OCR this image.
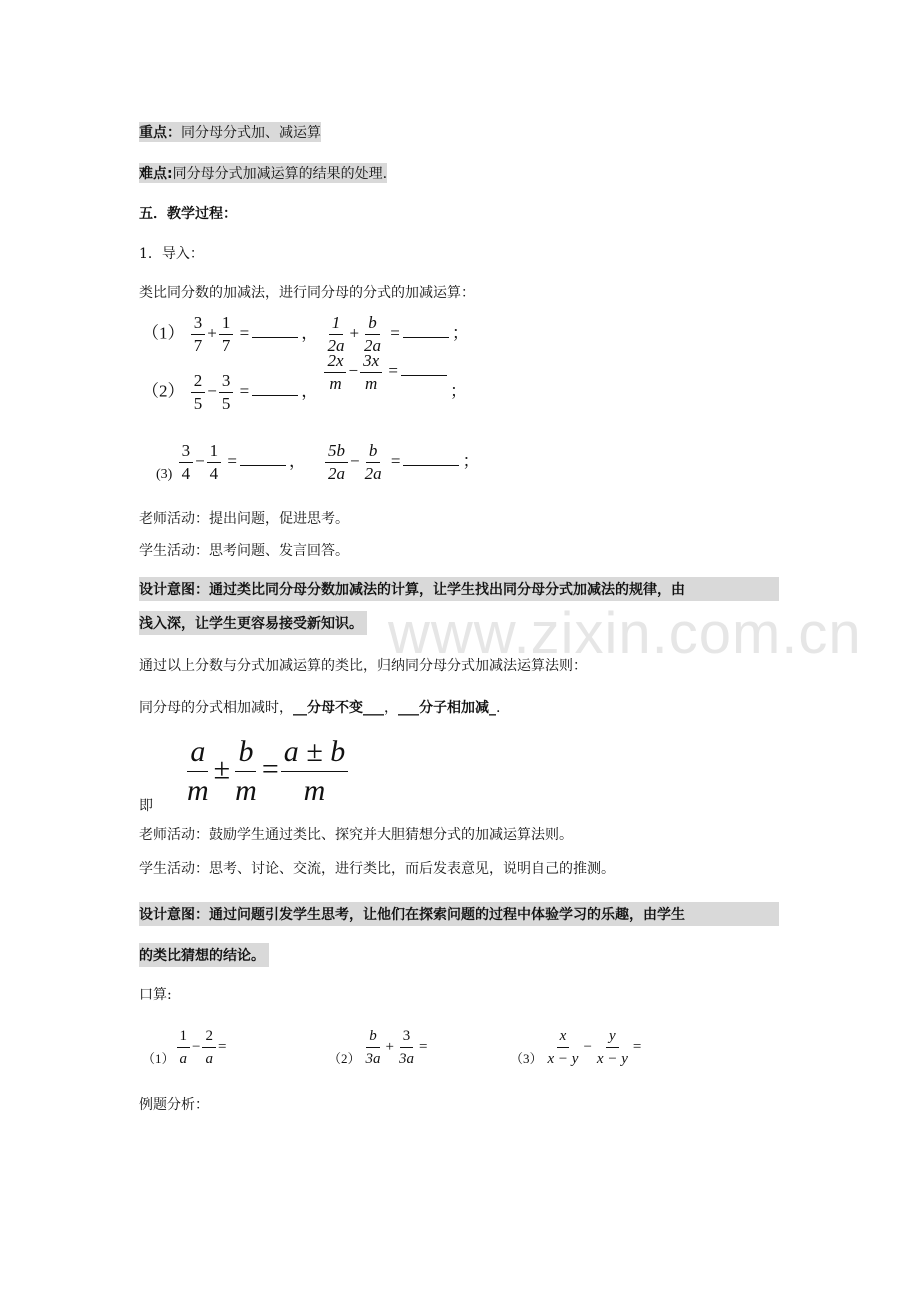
www.zixin.com.cn
重点：同分母分式加、减运算
难点:同分母分式加减运算的结果的处理.
五．教学过程：
1．导入：
类比同分数的加减法，进行同分母的分式的加减运算：
$(1) \frac{3}{7} + \frac{1}{7}$ =	， $\frac{1}{2a} + \frac{b}{2a}$ =	；
$(2) \frac{2}{5} - \frac{3}{5}$ =	， $\frac{2x}{m} - \frac{3x}{m}$ =；
$_{(3)} \frac{3}{4} - \frac{1}{4}$ =	， $\frac{5b}{2a} - \frac{b}{2a}$ =	；
老师活动：提出问题，促进思考。
学生活动：思考问题、发言回答。
设计意图：通过类比同分母分数加减法的计算，让学生找出同分母分式加减法的规律，由
浅入深，让学生更容易接受新知识。
通过以上分数与分式加减运算的类比，归纳同分母分式加减法运算法则：
同分母的分式相加减时，__分母不变___，___分子相加减_.
即 $\frac{a}{m} \pm \frac{b}{m} = \frac{a \pm b}{m}$
老师活动：鼓励学生通过类比、探究并大胆猜想分式的加减运算法则。
学生活动：思考、讨论、交流，进行类比，而后发表意见，说明自己的推测。
设计意图：通过问题引发学生思考，让他们在探索问题的过程中体验学习的乐趣，由学生
的类比猜想的结论。
口算:
$(1) \frac{1}{a} - \frac{2}{a}$ =
$(2) \frac{b}{3a} + \frac{3}{3a}$ =
$(3) \frac{x}{x - y} - \frac{y}{x - y}$ =
例题分析：
